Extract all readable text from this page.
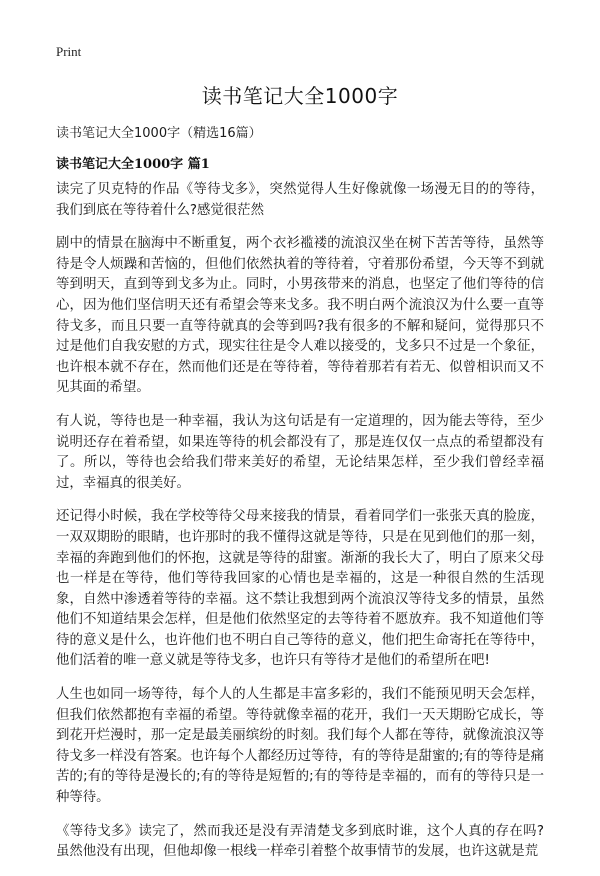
Print
读书笔记大全1000字
读书笔记大全1000字（精选16篇）
读书笔记大全1000字 篇1

读完了贝克特的作品《等待戈多》，突然觉得人生好像就像一场漫无目的的等待，我们到底在等待着什么?感觉很茫然

剧中的情景在脑海中不断重复，两个衣衫褴褛的流浪汉坐在树下苦苦等待，虽然等待是令人烦躁和苦恼的，但他们依然执着的等待着，守着那份希望，今天等不到就等到明天，直到等到戈多为止。同时，小男孩带来的消息，也坚定了他们等待的信心，因为他们坚信明天还有希望会等来戈多。我不明白两个流浪汉为什么要一直等待戈多，而且只要一直等待就真的会等到吗?我有很多的不解和疑问，觉得那只不过是他们自我安慰的方式，现实往往是令人难以接受的，戈多只不过是一个象征，也许根本就不存在，然而他们还是在等待着，等待着那若有若无、似曾相识而又不见其面的希望。

有人说，等待也是一种幸福，我认为这句话是有一定道理的，因为能去等待，至少说明还存在着希望，如果连等待的机会都没有了，那是连仅仅一点点的希望都没有了。所以，等待也会给我们带来美好的希望，无论结果怎样，至少我们曾经幸福过，幸福真的很美好。

还记得小时候，我在学校等待父母来接我的情景，看着同学们一张张天真的脸庞，一双双期盼的眼睛，也许那时的我不懂得这就是等待，只是在见到他们的那一刻，幸福的奔跑到他们的怀抱，这就是等待的甜蜜。渐渐的我长大了，明白了原来父母也一样是在等待，他们等待我回家的心情也是幸福的，这是一种很自然的生活现象，自然中渗透着等待的幸福。这不禁让我想到两个流浪汉等待戈多的情景，虽然他们不知道结果会怎样，但是他们依然坚定的去等待着不愿放弃。我不知道他们等待的意义是什么，也许他们也不明白自己等待的意义，他们把生命寄托在等待中，他们活着的唯一意义就是等待戈多，也许只有等待才是他们的希望所在吧!

人生也如同一场等待，每个人的人生都是丰富多彩的，我们不能预见明天会怎样，但我们依然都抱有幸福的希望。等待就像幸福的花开，我们一天天期盼它成长，等到花开烂漫时，那一定是最美丽缤纷的时刻。我们每个人都在等待，就像流浪汉等待戈多一样没有答案。也许每个人都经历过等待，有的等待是甜蜜的;有的等待是痛苦的;有的等待是漫长的;有的等待是短暂的;有的等待是幸福的，而有的等待只是一种等待。

《等待戈多》读完了，然而我还是没有弄清楚戈多到底时谁，这个人真的存在吗?虽然他没有出现，但他却像一根线一样牵引着整个故事情节的发展，也许这就是荒
